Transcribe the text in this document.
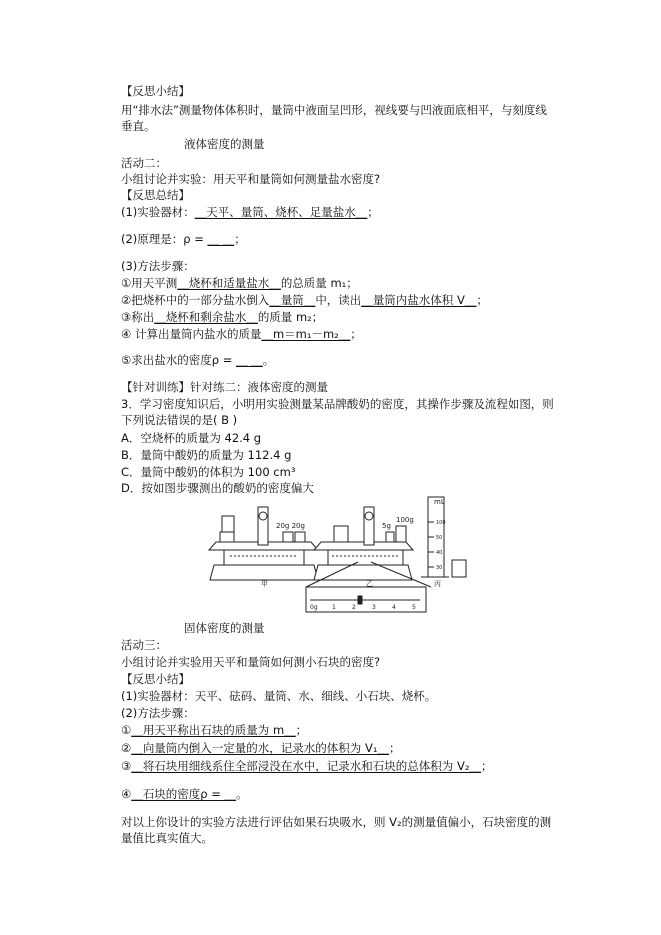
【反思小结】
用“排水法”测量物体体积时，量筒中液面呈凹形，视线要与凹液面底相平，与刻度线
垂直。
液体密度的测量
活动二：
小组讨论并实验：用天平和量筒如何测量盐水密度?
【反思总结】
(1)实验器材：__天平、量筒、烧杯、足量盐水__；
(2)原理是：ρ = __ __；
(3)方法步骤：
①用天平测__烧杯和适量盐水__的总质量 m₁；
②把烧杯中的一部分盐水倒入__量筒__中，读出__量筒内盐水体积 V__；
③称出__烧杯和剩余盐水__的质量 m₂；
④ 计算出量筒内盐水的质量__m＝m₁－m₂__；
⑤求出盐水的密度ρ = __ __。
【针对训练】针对练二：液体密度的测量
3．学习密度知识后，小明用实验测量某品牌酸奶的密度，其操作步骤及流程如图，则
下列说法错误的是( B )
A．空烧杯的质量为 42.4 g
B．量筒中酸奶的质量为 112.4 g
C．量筒中酸奶的体积为 100 cm³
D．按如图步骤测出的酸奶的密度偏大
固体密度的测量
活动三：
小组讨论并实验用天平和量筒如何测小石块的密度?
【反思小结】
(1)实验器材：天平、砝码、量筒、水、细线、小石块、烧杯。
(2)方法步骤：
①__用天平称出石块的质量为 m__；
②__向量筒内倒入一定量的水，记录水的体积为 V₁__；
③__将石块用细线系住全部浸没在水中，记录水和石块的总体积为 V₂__；
④__石块的密度ρ = __。
对以上你设计的实验方法进行评估如果石块吸水，则 V₂的测量值偏小，石块密度的测
量值比真实值大。
20g 20g	5g
100g
mL
100
50
40
30
甲	乙	丙
0g 1	2	3	4	5
